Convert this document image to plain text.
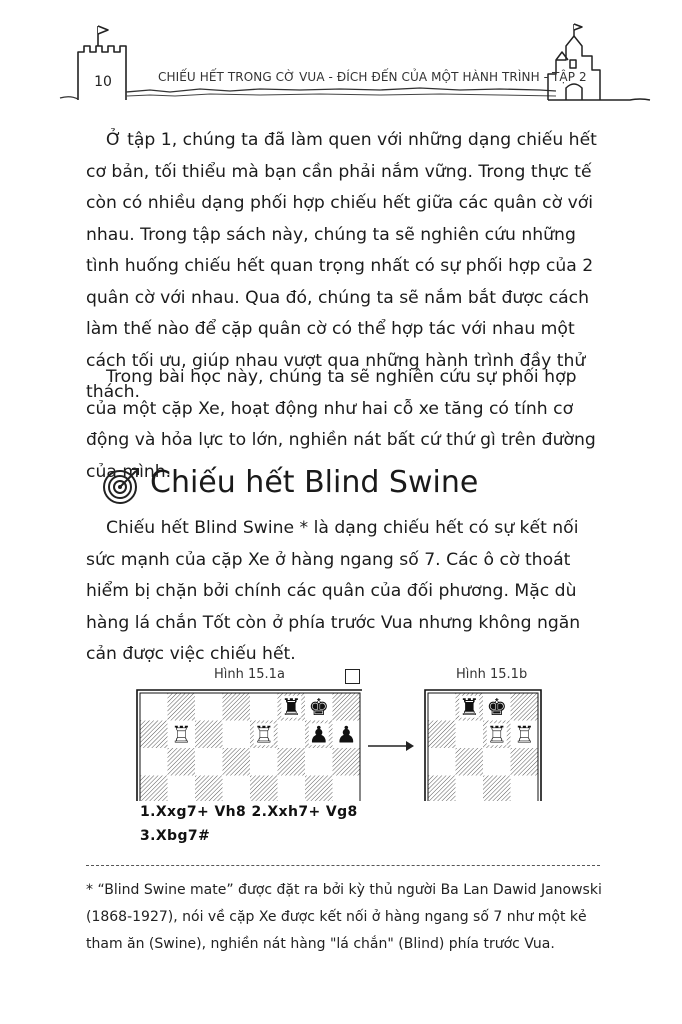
10	CHIẾU HẾT TRONG CỜ VUA - ĐÍCH ĐẾN CỦA MỘT HÀNH TRÌNH - TẬP 2

Ở tập 1, chúng ta đã làm quen với những dạng chiếu hết cơ bản, tối thiểu mà bạn cần phải nắm vững. Trong thực tế còn có nhiều dạng phối hợp chiếu hết giữa các quân cờ với nhau. Trong tập sách này, chúng ta sẽ nghiên cứu những tình huống chiếu hết quan trọng nhất có sự phối hợp của 2 quân cờ với nhau. Qua đó, chúng ta sẽ nắm bắt được cách làm thế nào để cặp quân cờ có thể hợp tác với nhau một cách tối ưu, giúp nhau vượt qua những hành trình đầy thử thách.

Trong bài học này, chúng ta sẽ nghiên cứu sự phối hợp của một cặp Xe, hoạt động như hai cỗ xe tăng có tính cơ động và hỏa lực to lớn, nghiền nát bất cứ thứ gì trên đường của mình.

Chiếu hết Blind Swine

Chiếu hết Blind Swine * là dạng chiếu hết có sự kết nối sức mạnh của cặp Xe ở hàng ngang số 7. Các ô cờ thoát hiểm bị chặn bởi chính các quân của đối phương. Mặc dù hàng lá chắn Tốt còn ở phía trước Vua nhưng không ngăn cản được việc chiếu hết.

Hình 15.1a	Hình 15.1b
♜ ♚
♖	♖ ♟ ♟
♜ ♚
♖ ♖
1.Xxg7+ Vh8 2.Xxh7+ Vg8
3.Xbg7#

* “Blind Swine mate” được đặt ra bởi kỳ thủ người Ba Lan Dawid Janowski (1868-1927), nói về cặp Xe được kết nối ở hàng ngang số 7 như một kẻ tham ăn (Swine), nghiền nát hàng "lá chắn" (Blind) phía trước Vua.
